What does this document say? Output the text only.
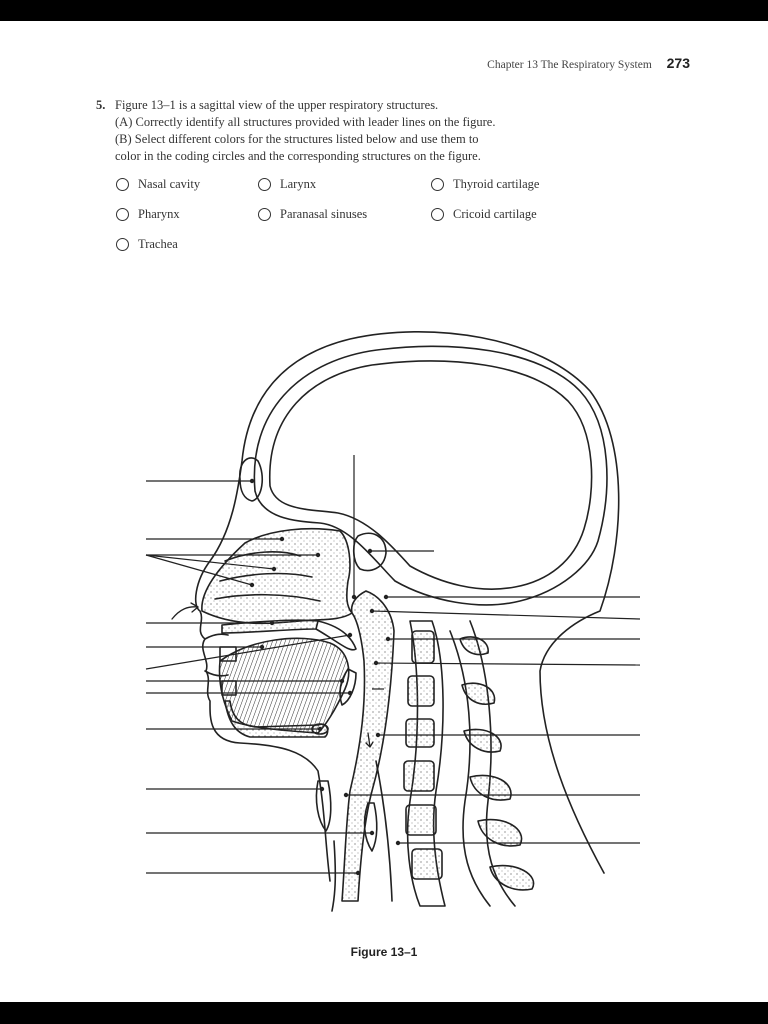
Chapter 13 The Respiratory System 273
5. Figure 13–1 is a sagittal view of the upper respiratory structures.
(A) Correctly identify all structures provided with leader lines on the figure.
(B) Select different colors for the structures listed below and use them to
color in the coding circles and the corresponding structures on the figure.
Nasal cavity	Larynx	Thyroid cartilage
Pharynx	Paranasal sinuses	Cricoid cartilage
Trachea
Figure 13–1
